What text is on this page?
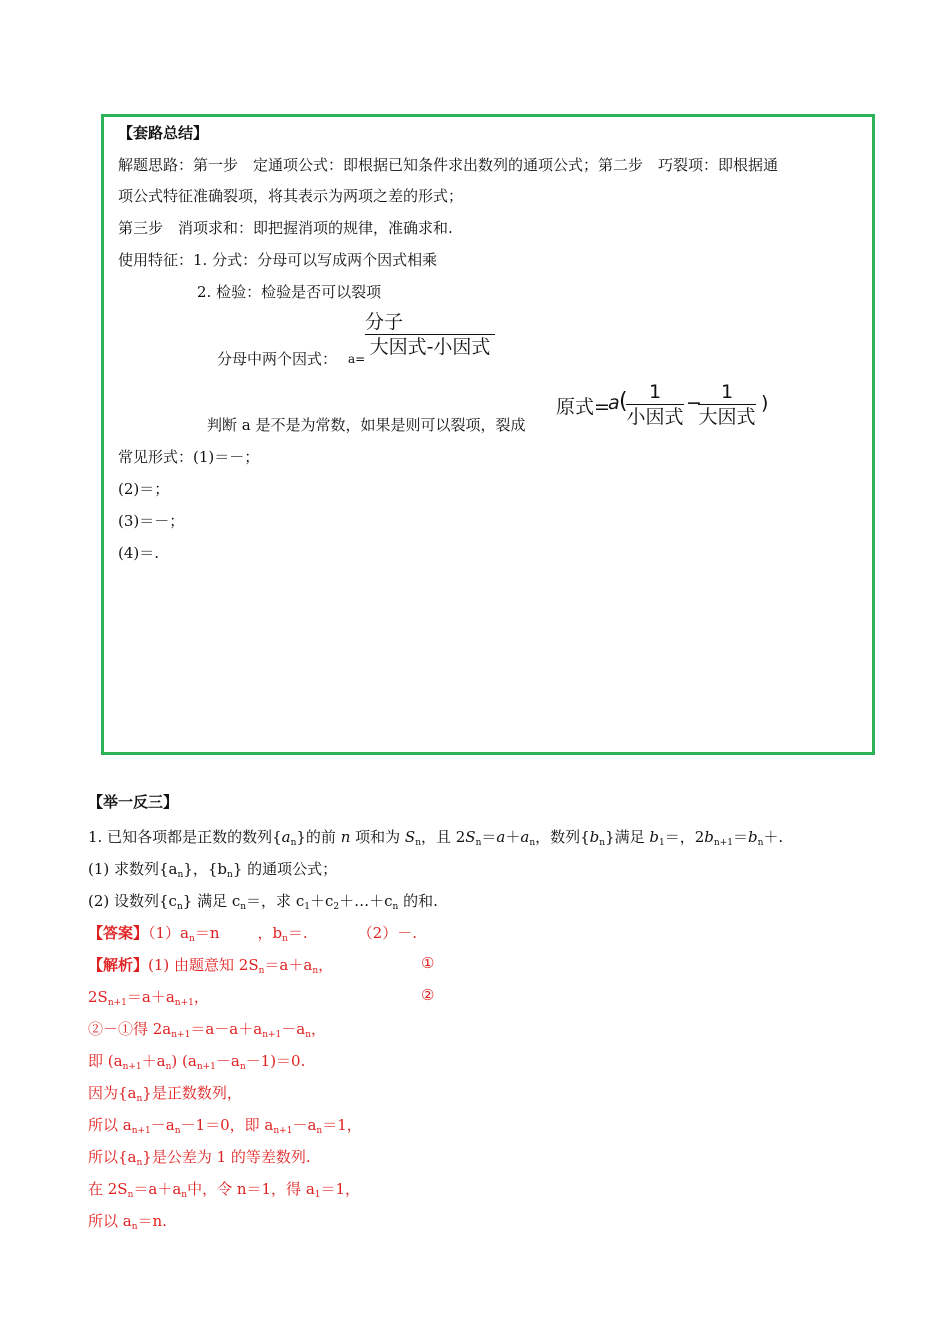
【套路总结】
解题思路：第一步　定通项公式：即根据已知条件求出数列的通项公式；第二步　巧裂项：即根据通
项公式特征准确裂项，将其表示为两项之差的形式；
第三步　消项求和：即把握消项的规律，准确求和.
使用特征：1. 分式：分母可以写成两个因式相乘
2. 检验：检验是否可以裂项
分母中两个因式： a=
分子
大因式-小因式
判断 a 是不是为常数，如果是则可以裂项，裂成
原式=
a (	1
小因式
−	1
大因式
)
常见形式：(1)＝－；
(2)＝；
(3)＝－；
(4)＝.
【举一反三】
1. 已知各项都是正数的数列$\{a_n\}$的前 n 项和为 $S_n$，且 $2S_n=a+a_n$，数列$\{b_n\}$满足 $b_1=$，$2b_{n+1}=b_n+$.
(1) 求数列$\{a_n\}$，$\{b_n\}$ 的通项公式；
(2) 设数列$\{c_n\}$ 满足 $c_n=$，求 $c_1+c_2+\dots+c_n$ 的和.
【答案】$(1)a_n=n$	，$b_n=$.	（2）－.
【解析】(1) 由题意知 $2S_n=a+a_n$，	①
$2S_{n+1}=a+a_{n+1}$，	②
②－①得 $2a_{n+1}=a-a+a_{n+1}-a_n$，
即 $(a_{n+1}+a_n)$ $(a_{n+1}-a_n-1)=0$.
因为$\{a_n\}$是正数数列，
所以 $a_{n+1}-a_n-1=0$，即 $a_{n+1}-a_n=1$，
所以$\{a_n\}$是公差为 1 的等差数列.
在 $2S_n=a+a_n$中，令 n＝1，得 $a_1=1$，
所以 $a_n=n$.
